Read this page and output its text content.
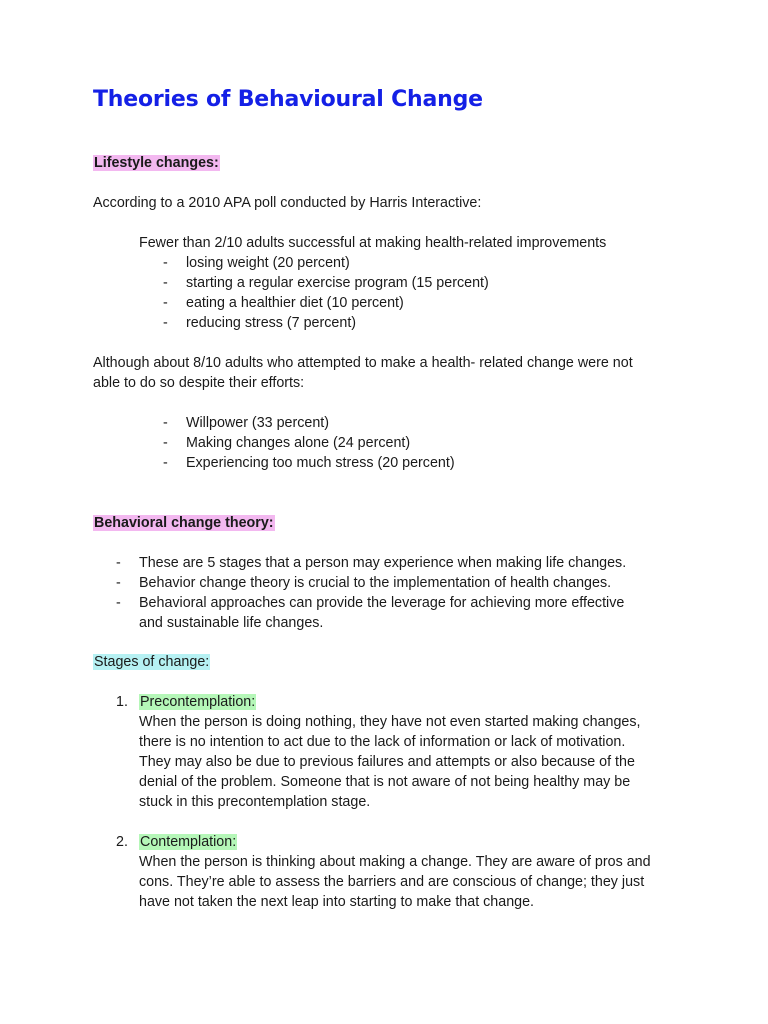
Theories of Behavioural Change

Lifestyle changes:

According to a 2010 APA poll conducted by Harris Interactive:

Fewer than 2/10 adults successful at making health-related improvements

- losing weight (20 percent)
- starting a regular exercise program (15 percent)
- eating a healthier diet (10 percent)
- reducing stress (7 percent)

Although about 8/10 adults who attempted to make a health- related change were not

able to do so despite their efforts:

- Willpower (33 percent)
- Making changes alone (24 percent)
- Experiencing too much stress (20 percent)

Behavioral change theory:

- These are 5 stages that a person may experience when making life changes.
- Behavior change theory is crucial to the implementation of health changes.
- Behavioral approaches can provide the leverage for achieving more effective
and sustainable life changes.

Stages of change:

1. Precontemplation:

When the person is doing nothing, they have not even started making changes,

there is no intention to act due to the lack of information or lack of motivation.

They may also be due to previous failures and attempts or also because of the

denial of the problem. Someone that is not aware of not being healthy may be

stuck in this precontemplation stage.

2. Contemplation:

When the person is thinking about making a change. They are aware of pros and

cons. They’re able to assess the barriers and are conscious of change; they just

have not taken the next leap into starting to make that change.
